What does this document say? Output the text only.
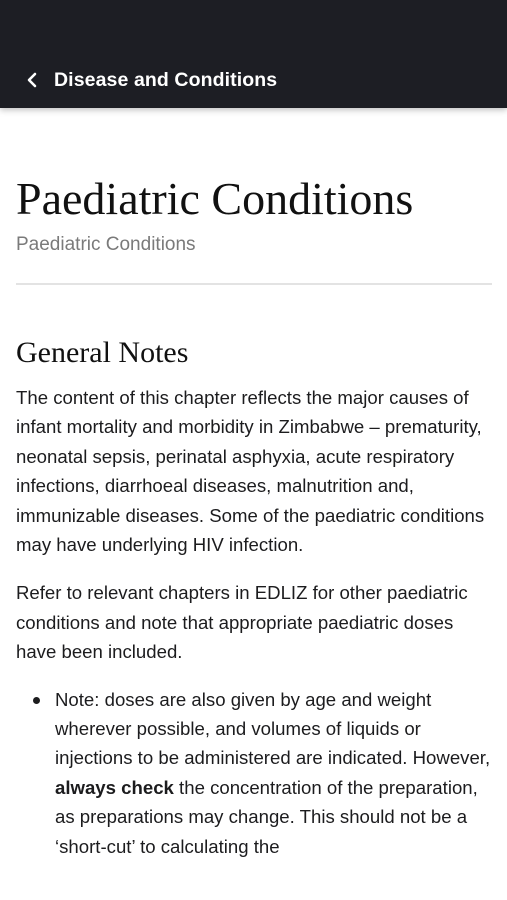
Disease and Conditions
Paediatric Conditions
Paediatric Conditions
General Notes

The content of this chapter reflects the major causes of infant mortality and morbidity in Zimbabwe – prematurity, neonatal sepsis, perinatal asphyxia, acute respiratory infections, diarrhoeal diseases, malnutrition and, immunizable diseases. Some of the paediatric conditions may have underlying HIV infection.

Refer to relevant chapters in EDLIZ for other paediatric conditions and note that appropriate paediatric doses have been included.

Note: doses are also given by age and weight wherever possible, and volumes of liquids or injections to be administered are indicated. However, always check the concentration of the preparation, as preparations may change. This should not be a ‘short-cut’ to calculating the
